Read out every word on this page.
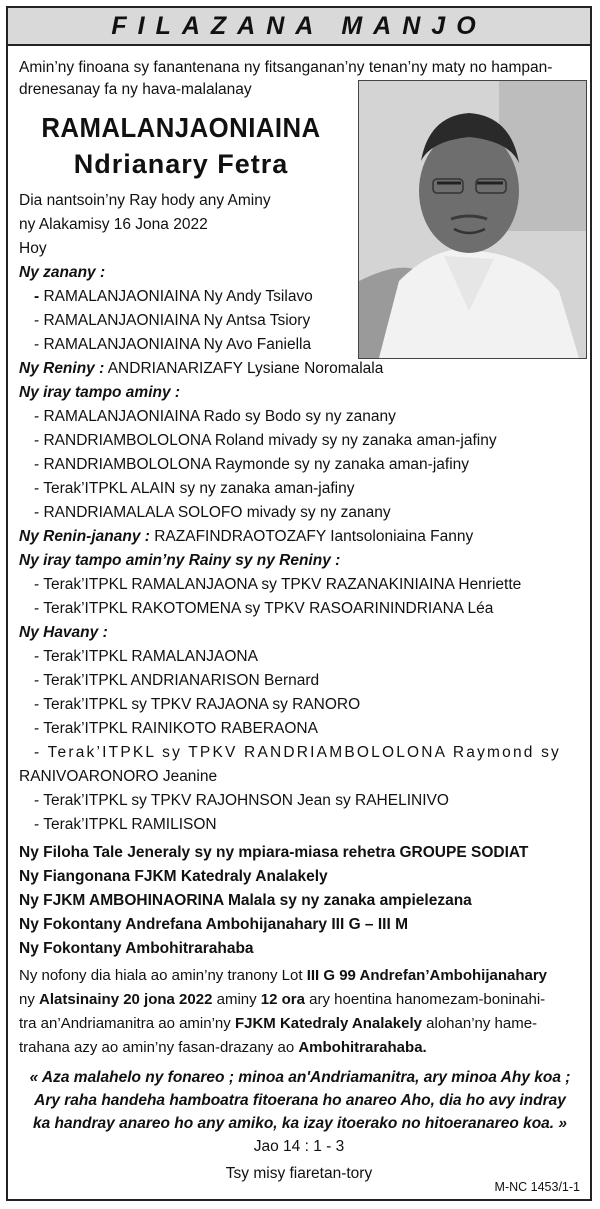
FILAZANA MANJO
Amin’ny finoana sy fanantenana ny fitsanganan’ny tenan’ny maty no hampan-
drenesanay fa ny hava-malalanay
RAMALANJAONIAINA
Ndrianary Fetra
Dia nantsoin’ny Ray hody any Aminy
ny Alakamisy 16 Jona 2022
Hoy
Ny zanany :
- RAMALANJAONIAINA Ny Andy Tsilavo
- RAMALANJAONIAINA Ny Antsa Tsiory
- RAMALANJAONIAINA Ny Avo Faniella
Ny Reniny : ANDRIANARIZAFY Lysiane Noromalala
Ny iray tampo aminy :
- RAMALANJAONIAINA Rado sy Bodo sy ny zanany
- RANDRIAMBOLOLONA Roland mivady sy ny zanaka aman-jafiny
- RANDRIAMBOLOLONA Raymonde sy ny zanaka aman-jafiny
- Terak’ITPKL ALAIN sy ny zanaka aman-jafiny
- RANDRIAMALALA SOLOFO mivady sy ny zanany
Ny Renin-janany : RAZAFINDRAOTOZAFY Iantsoloniaina Fanny
Ny iray tampo amin’ny Rainy sy ny Reniny :
- Terak’ITPKL RAMALANJAONA sy TPKV RAZANAKINIAINA Henriette
- Terak’ITPKL RAKOTOMENA sy TPKV RASOARININDRIANA Léa
Ny Havany :
- Terak’ITPKL RAMALANJAONA
- Terak’ITPKL ANDRIANARISON Bernard
- Terak’ITPKL sy TPKV RAJAONA sy RANORO
- Terak’ITPKL RAINIKOTO RABERAONA
- Terak’ITPKL sy TPKV RANDRIAMBOLOLONA Raymond sy
RANIVOARONORO Jeanine
- Terak’ITPKL sy TPKV RAJOHNSON Jean sy RAHELINIVO
- Terak’ITPKL RAMILISON
Ny Filoha Tale Jeneraly sy ny mpiara-miasa rehetra GROUPE SODIAT
Ny Fiangonana FJKM Katedraly Analakely
Ny FJKM AMBOHINAORINA Malala sy ny zanaka ampielezana
Ny Fokontany Andrefana Ambohijanahary III G – III M
Ny Fokontany Ambohitrarahaba
Ny nofony dia hiala ao amin’ny tranony Lot III G 99 Andrefan’Ambohijanahary
ny Alatsinainy 20 jona 2022 aminy 12 ora ary hoentina hanomezam-boninahi-
tra an’Andriamanitra ao amin’ny FJKM Katedraly Analakely alohan’ny hame-
trahana azy ao amin’ny fasan-drazany ao Ambohitrarahaba.
« Aza malahelo ny fonareo ; minoa an'Andriamanitra, ary minoa Ahy koa ;
Ary raha handeha hamboatra fitoerana ho anareo Aho, dia ho avy indray
ka handray anareo ho any amiko, ka izay itoerako no hitoeranareo koa. »
Jao 14 : 1 - 3
Tsy misy fiaretan-tory
M-NC 1453/1-1
